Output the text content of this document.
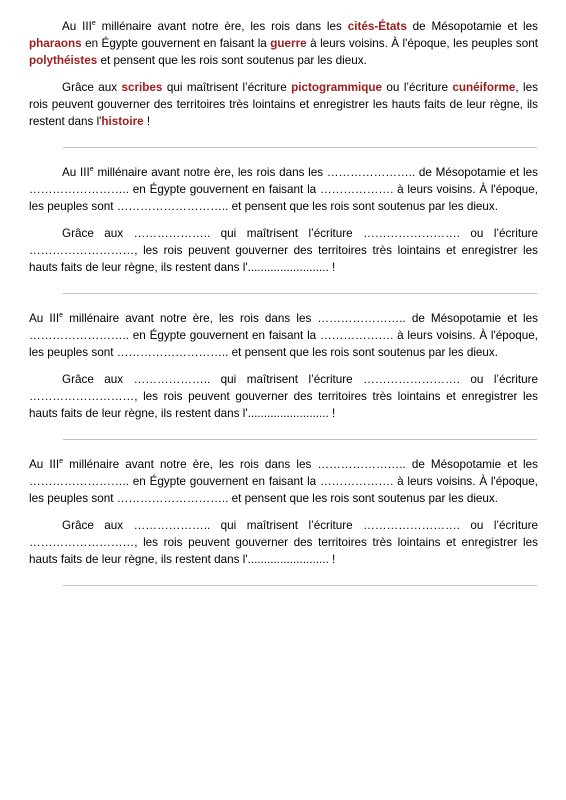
Au IIIe millénaire avant notre ère, les rois dans les cités-États de Mésopotamie et les pharaons en Égypte gouvernent en faisant la guerre à leurs voisins. À l'époque, les peuples sont polythéistes et pensent que les rois sont soutenus par les dieux.

Grâce aux scribes qui maîtrisent l’écriture pictogrammique ou l’écriture cunéiforme, les rois peuvent gouverner des territoires très lointains et enregistrer les hauts faits de leur règne, ils restent dans l'histoire !

Au IIIe millénaire avant notre ère, les rois dans les ………………….. de Mésopotamie et les …………………….. en Égypte gouvernent en faisant la ………………. à leurs voisins. À l'époque, les peuples sont ……………………….. et pensent que les rois sont soutenus par les dieux.

Grâce aux ……………….. qui maîtrisent l’écriture ……………………. ou l’écriture ………………………, les rois peuvent gouverner des territoires très lointains et enregistrer les hauts faits de leur règne, ils restent dans l'......................... !

Au IIIe millénaire avant notre ère, les rois dans les ………………….. de Mésopotamie et les …………………….. en Égypte gouvernent en faisant la ………………. à leurs voisins. À l'époque, les peuples sont ……………………….. et pensent que les rois sont soutenus par les dieux.

Grâce aux ……………….. qui maîtrisent l’écriture ……………………. ou l’écriture ………………………, les rois peuvent gouverner des territoires très lointains et enregistrer les hauts faits de leur règne, ils restent dans l'......................... !

Au IIIe millénaire avant notre ère, les rois dans les ………………….. de Mésopotamie et les …………………….. en Égypte gouvernent en faisant la ………………. à leurs voisins. À l'époque, les peuples sont ……………………….. et pensent que les rois sont soutenus par les dieux.

Grâce aux ……………….. qui maîtrisent l’écriture ……………………. ou l’écriture ………………………, les rois peuvent gouverner des territoires très lointains et enregistrer les hauts faits de leur règne, ils restent dans l'......................... !
